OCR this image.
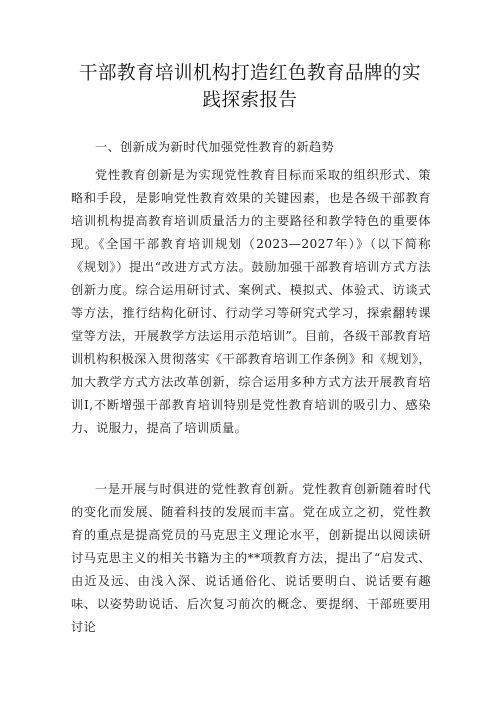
干部教育培训机构打造红色教育品牌的实
践探索报告
一、创新成为新时代加强党性教育的新趋势
党性教育创新是为实现党性教育目标而采取的组织形式、策略和手段，是影响党性教育效果的关键因素，也是各级干部教育培训机构提高教育培训质量活力的主要路径和教学特色的重要体现。《全国干部教育培训规划（2023—2027年）》（以下简称《规划》）提出“改进方式方法。鼓励加强干部教育培训方式方法创新力度。综合运用研讨式、案例式、模拟式、体验式、访谈式等方法，推行结构化研讨、行动学习等研究式学习，探索翻转课堂等方法，开展教学方法运用示范培训”。目前，各级干部教育培训机构积极深入贯彻落实《干部教育培训工作条例》和《规划》，加大教学方式方法改革创新，综合运用多种方式方法开展教育培训I,不断增强干部教育培训特别是党性教育培训的吸引力、感染力、说服力，提高了培训质量。
一是开展与时俱进的党性教育创新。党性教育创新随着时代的变化而发展、随着科技的发展而丰富。党在成立之初，党性教育的重点是提高党员的马克思主义理论水平，创新提出以阅读研讨马克思主义的相关书籍为主的**项教育方法，提出了“启发式、由近及远、由浅入深、说话通俗化、说话要明白、说话要有趣味、以姿势助说话、后次复习前次的概念、要提纲、干部班要用讨论
